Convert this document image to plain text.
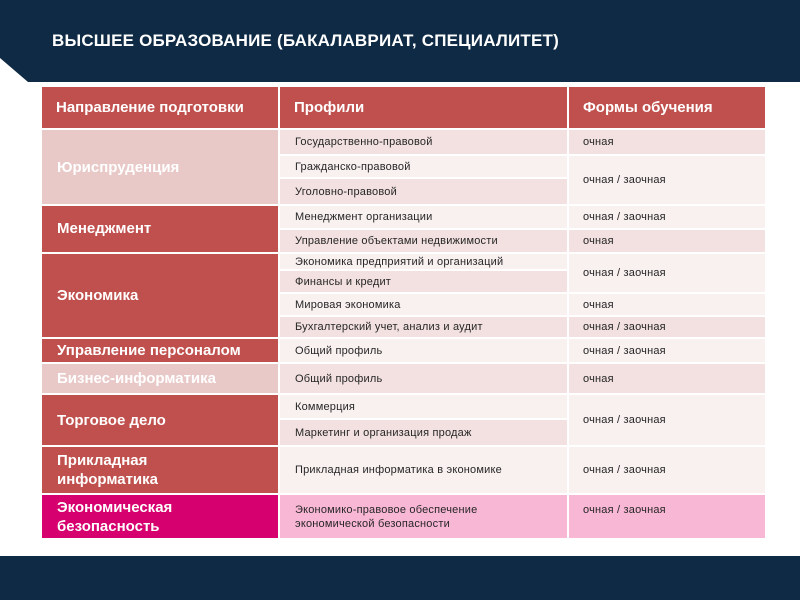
ВЫСШЕЕ ОБРАЗОВАНИЕ (БАКАЛАВРИАТ, СПЕЦИАЛИТЕТ)
Направление подготовки	Профили	Формы обучения
Юриспруденция
Менеджмент
Экономика
Управление персоналом
Бизнес-информатика
Торговое дело
Прикладная информатика
Экономическая безопасность
Государственно-правовой
Гражданско-правовой
Уголовно-правовой
Менеджмент организации
Управление объектами недвижимости
Экономика предприятий и организаций
Финансы и кредит
Мировая экономика
Бухгалтерский учет, анализ и аудит
Общий профиль
Общий профиль
Коммерция
Маркетинг и организация продаж
Прикладная информатика в экономике
Экономико-правовое обеспечение экономической безопасности
очная
очная / заочная
очная / заочная
очная
очная / заочная
очная
очная / заочная
очная / заочная
очная
очная / заочная
очная / заочная
очная / заочная
